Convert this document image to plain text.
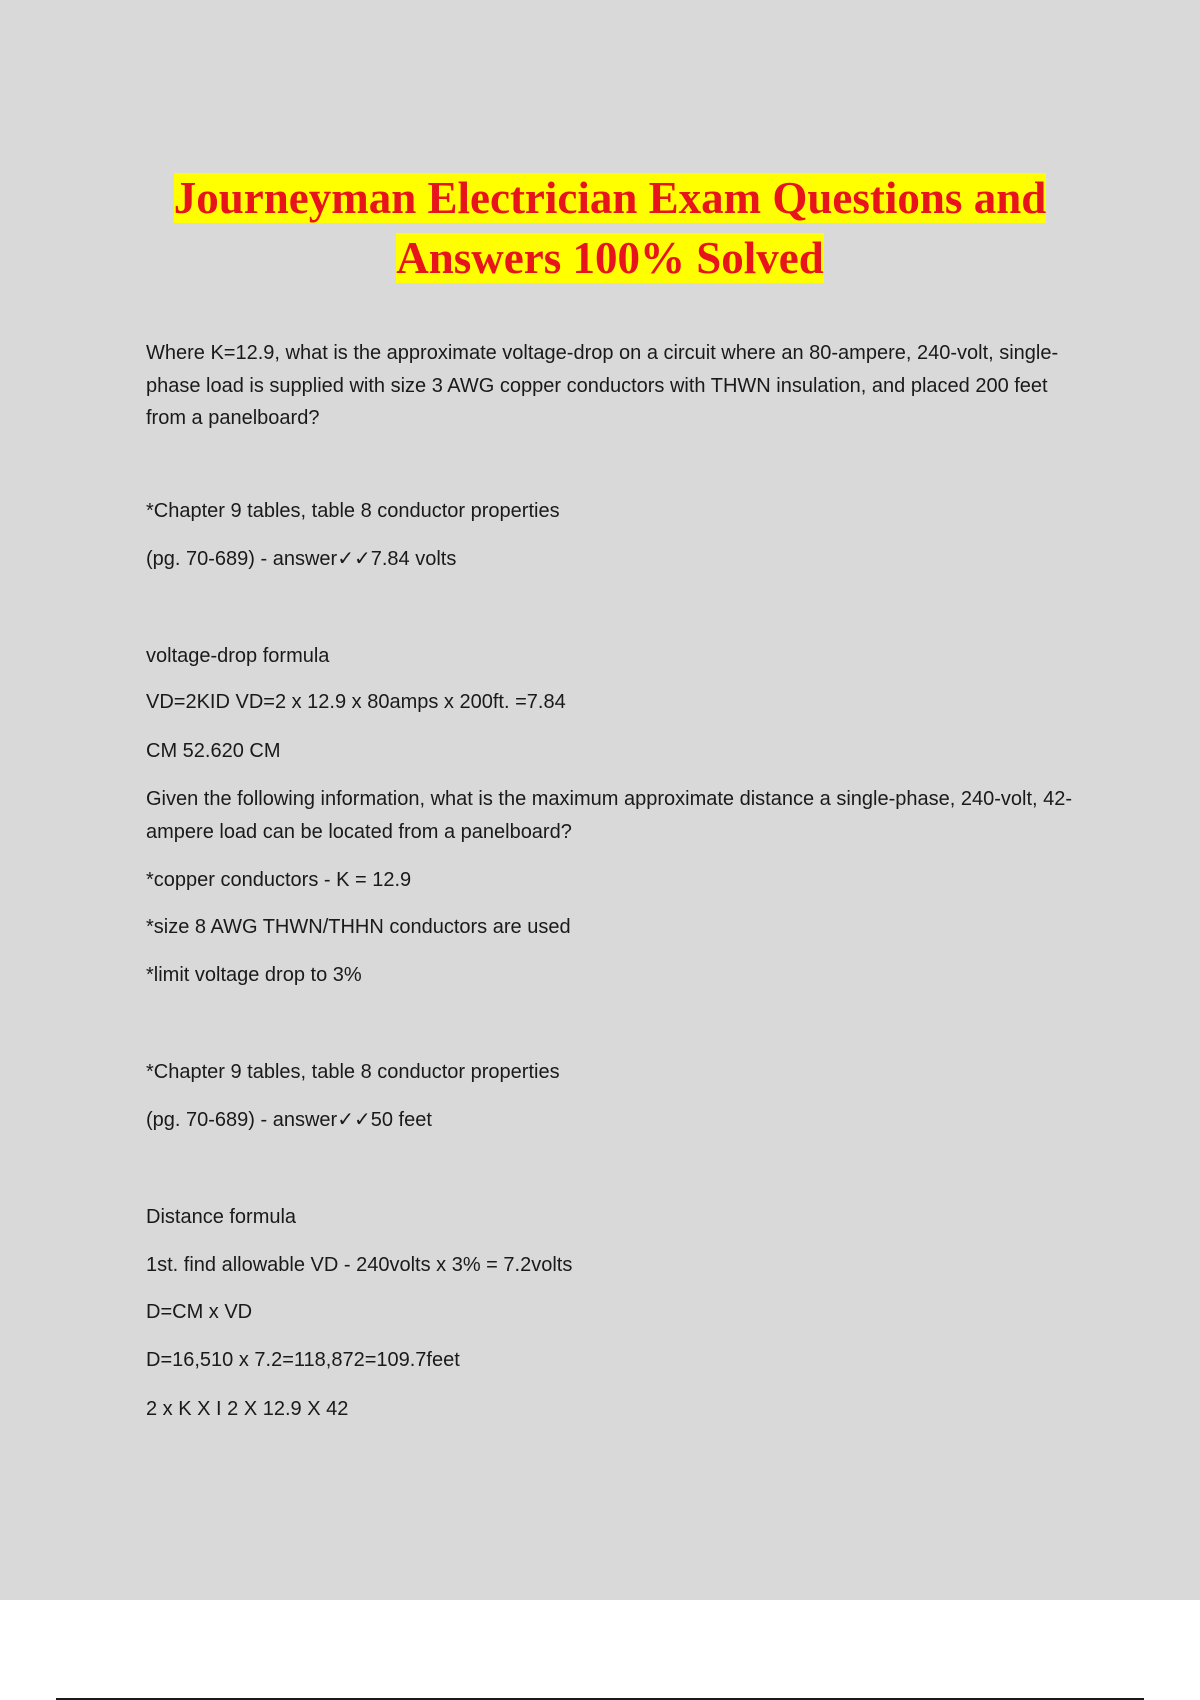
Journeyman Electrician Exam Questions and
Answers 100% Solved

Where K=12.9, what is the approximate voltage-drop on a circuit where an 80-ampere, 240-volt, single-phase load is supplied with size 3 AWG copper conductors with THWN insulation, and placed 200 feet from a panelboard?

*Chapter 9 tables, table 8 conductor properties

(pg. 70-689) - answer✓✓7.84 volts

voltage-drop formula

VD=2KID VD=2 x 12.9 x 80amps x 200ft. =7.84

CM 52.620 CM

Given the following information, what is the maximum approximate distance a single-phase, 240-volt, 42-ampere load can be located from a panelboard?

*copper conductors - K = 12.9

*size 8 AWG THWN/THHN conductors are used

*limit voltage drop to 3%

*Chapter 9 tables, table 8 conductor properties

(pg. 70-689) - answer✓✓50 feet

Distance formula

1st. find allowable VD - 240volts x 3% = 7.2volts

D=CM x VD

D=16,510 x 7.2=118,872=109.7feet

2 x K X I 2 X 12.9 X 42
